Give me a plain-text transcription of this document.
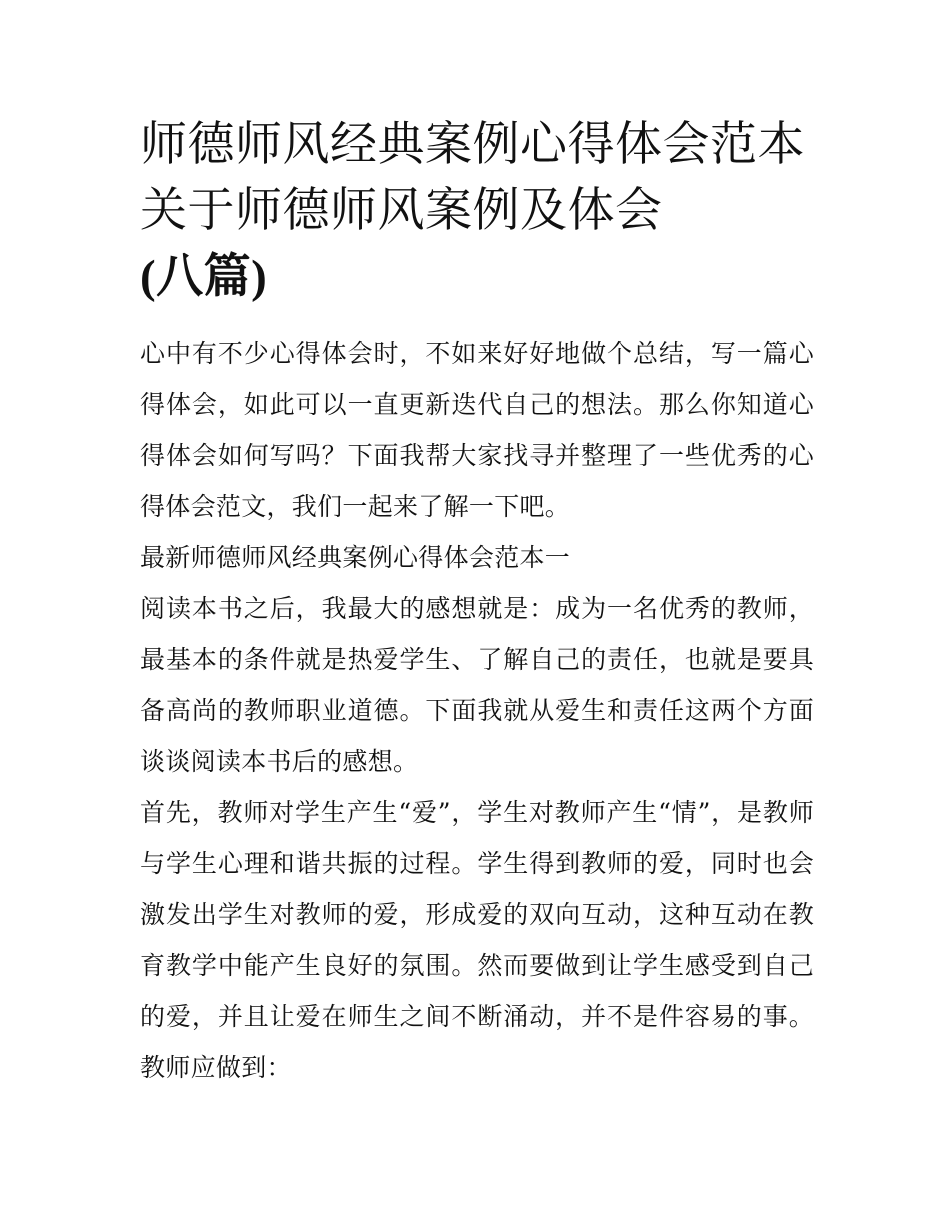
师德师风经典案例心得体会范本 关于师德师风案例及体会
(八篇)

心中有不少心得体会时，不如来好好地做个总结，写一篇心得体会，如此可以一直更新迭代自己的想法。那么你知道心得体会如何写吗？下面我帮大家找寻并整理了一些优秀的心得体会范文，我们一起来了解一下吧。

最新师德师风经典案例心得体会范本一

阅读本书之后，我最大的感想就是：成为一名优秀的教师，最基本的条件就是热爱学生、了解自己的责任，也就是要具备高尚的教师职业道德。下面我就从爱生和责任这两个方面谈谈阅读本书后的感想。

首先，教师对学生产生“爱”，学生对教师产生“情”，是教师与学生心理和谐共振的过程。学生得到教师的爱，同时也会激发出学生对教师的爱，形成爱的双向互动，这种互动在教育教学中能产生良好的氛围。然而要做到让学生感受到自己的爱，并且让爱在师生之间不断涌动，并不是件容易的事。教师应做到：
